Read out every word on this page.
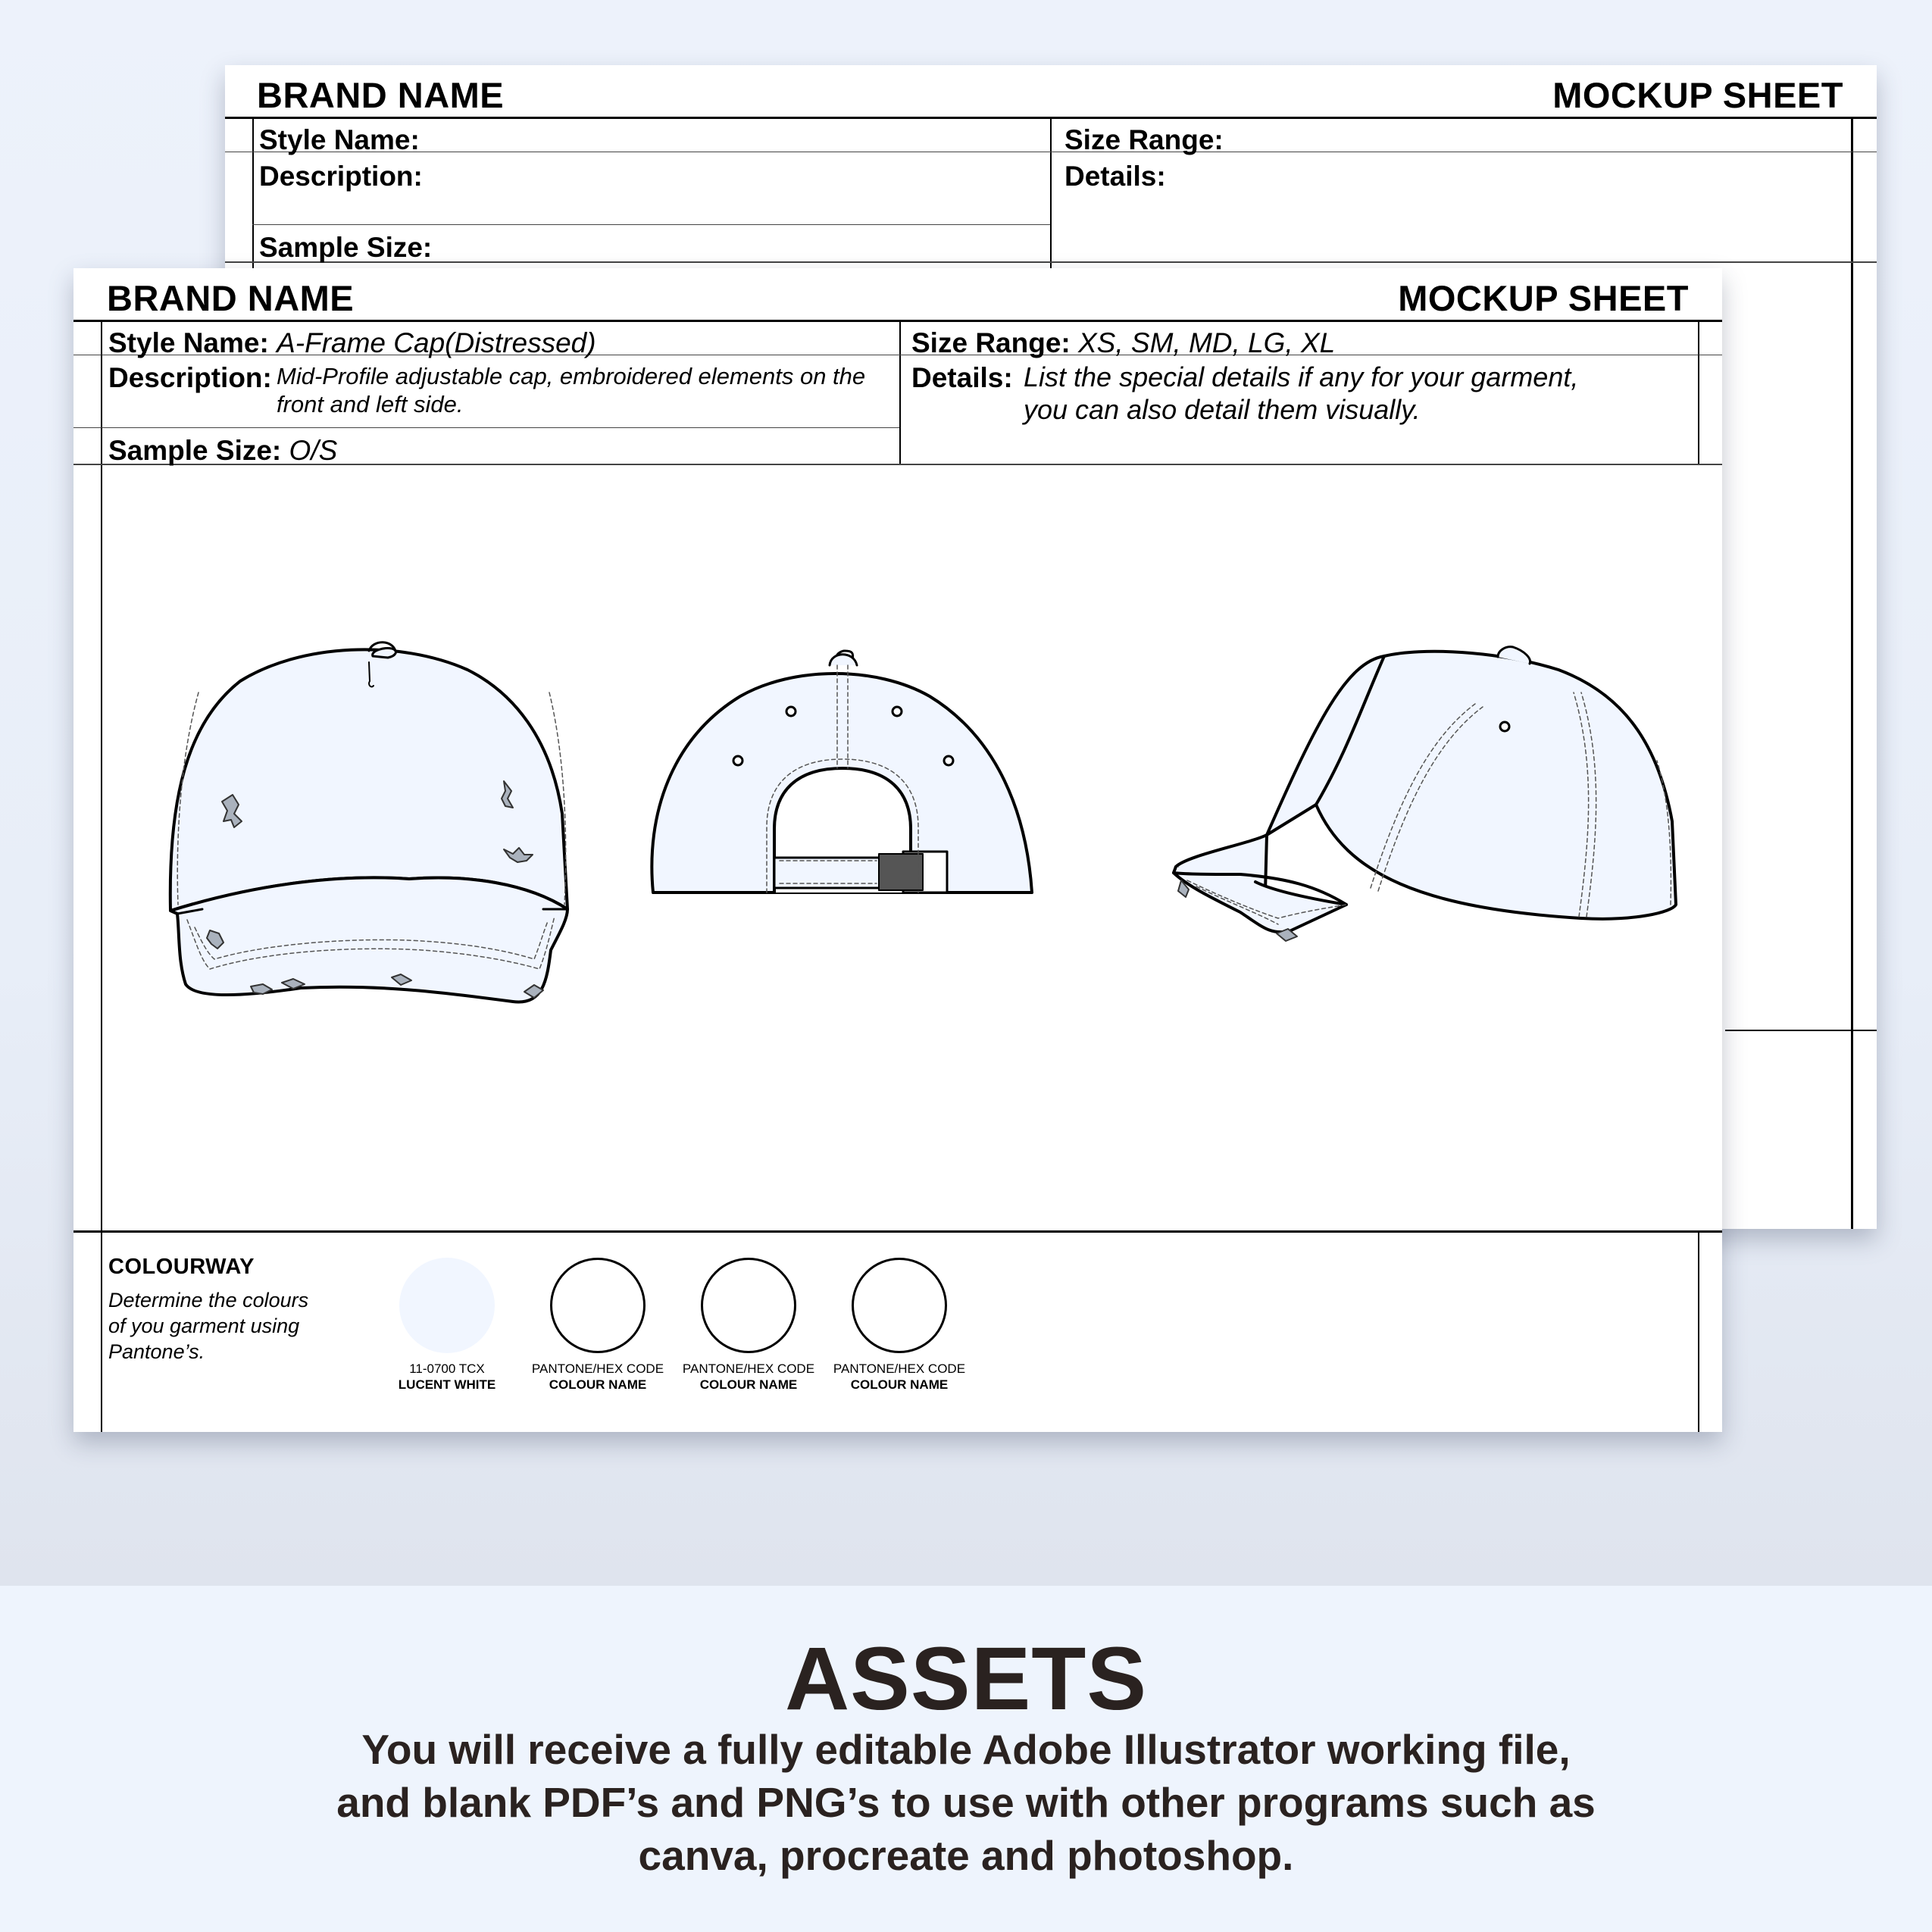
BRAND NAME	MOCKUP SHEET
Style Name:	Size Range:
Description:	Details:
Sample Size:
BRAND NAME	MOCKUP SHEET
Style Name: A-Frame Cap(Distressed)	Size Range: XS, SM, MD, LG, XL
Description: Mid-Profile adjustable cap, embroidered elements on the
front and left side.
Details: List the special details if any for your garment,
you can also detail them visually.
Sample Size: O/S
COLOURWAY
Determine the colours
of you garment using
Pantone’s.
11-0700 TCX
LUCENT WHITE
PANTONE/HEX CODE
COLOUR NAME
PANTONE/HEX CODE
COLOUR NAME
PANTONE/HEX CODE
COLOUR NAME
ASSETS
You will receive a fully editable Adobe Illustrator working file,
and blank PDF’s and PNG’s to use with other programs such as
canva, procreate and photoshop.
